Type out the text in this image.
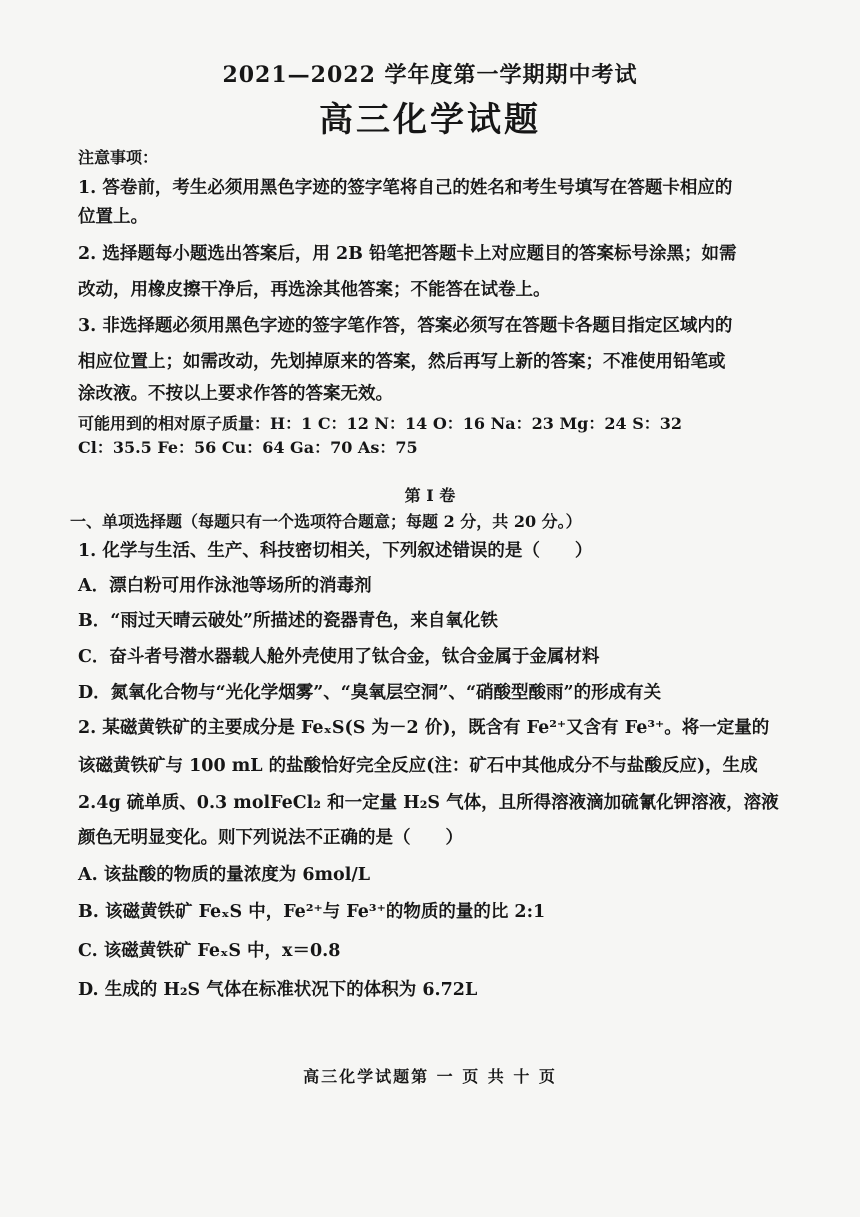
2021—2022 学年度第一学期期中考试
高三化学试题
注意事项：
1. 答卷前，考生必须用黑色字迹的签字笔将自己的姓名和考生号填写在答题卡相应的
位置上。
2. 选择题每小题选出答案后，用 2B 铅笔把答题卡上对应题目的答案标号涂黑；如需
改动，用橡皮擦干净后，再选涂其他答案；不能答在试卷上。
3. 非选择题必须用黑色字迹的签字笔作答，答案必须写在答题卡各题目指定区域内的
相应位置上；如需改动，先划掉原来的答案，然后再写上新的答案；不准使用铅笔或
涂改液。不按以上要求作答的答案无效。
可能用到的相对原子质量：H：1 C：12 N：14 O：16 Na：23 Mg：24 S：32
Cl：35.5 Fe：56 Cu：64 Ga：70 As：75
第 I 卷
一、单项选择题（每题只有一个选项符合题意；每题 2 分，共 20 分。）
1. 化学与生活、生产、科技密切相关，下列叙述错误的是（　　）
A．漂白粉可用作泳池等场所的消毒剂
B．“雨过天晴云破处”所描述的瓷器青色，来自氧化铁
C．奋斗者号潜水器载人舱外壳使用了钛合金，钛合金属于金属材料
D．氮氧化合物与“光化学烟雾”、“臭氧层空洞”、“硝酸型酸雨”的形成有关
2. 某磁黄铁矿的主要成分是 FeₓS(S 为－2 价)，既含有 Fe²⁺又含有 Fe³⁺。将一定量的
该磁黄铁矿与 100 mL 的盐酸恰好完全反应(注：矿石中其他成分不与盐酸反应)，生成
2.4g 硫单质、0.3 molFeCl₂ 和一定量 H₂S 气体，且所得溶液滴加硫氰化钾溶液，溶液
颜色无明显变化。则下列说法不正确的是（　　）
A. 该盐酸的物质的量浓度为 6mol/L
B. 该磁黄铁矿 FeₓS 中，Fe²⁺与 Fe³⁺的物质的量的比 2:1
C. 该磁黄铁矿 FeₓS 中，x＝0.8
D. 生成的 H₂S 气体在标准状况下的体积为 6.72L
高三化学试题第 一 页 共 十 页
